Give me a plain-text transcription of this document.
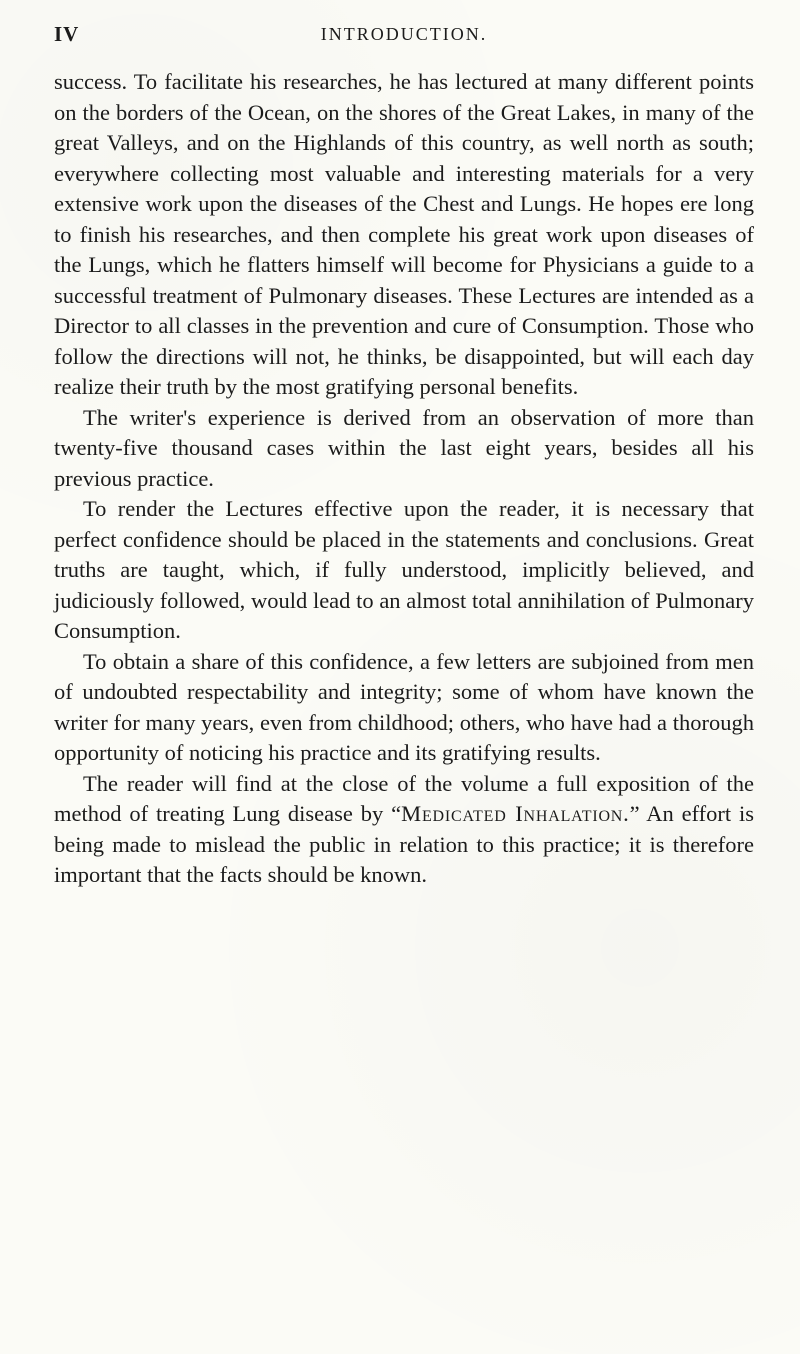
IV	INTRODUCTION.

success. To facilitate his researches, he has lectured at many different points on the borders of the Ocean, on the shores of the Great Lakes, in many of the great Valleys, and on the Highlands of this country, as well north as south; everywhere collecting most valuable and interesting materials for a very extensive work upon the diseases of the Chest and Lungs. He hopes ere long to finish his researches, and then complete his great work upon diseases of the Lungs, which he flatters himself will become for Physicians a guide to a successful treatment of Pulmonary diseases. These Lectures are intended as a Director to all classes in the prevention and cure of Consumption. Those who follow the directions will not, he thinks, be disappointed, but will each day realize their truth by the most gratifying personal benefits.

The writer's experience is derived from an observation of more than twenty-five thousand cases within the last eight years, besides all his previous practice.

To render the Lectures effective upon the reader, it is necessary that perfect confidence should be placed in the statements and conclusions. Great truths are taught, which, if fully understood, implicitly believed, and judiciously followed, would lead to an almost total annihilation of Pulmonary Consumption.

To obtain a share of this confidence, a few letters are subjoined from men of undoubted respectability and integrity; some of whom have known the writer for many years, even from childhood; others, who have had a thorough opportunity of noticing his practice and its gratifying results.

The reader will find at the close of the volume a full exposition of the method of treating Lung disease by “Medicated Inhalation.” An effort is being made to mislead the public in relation to this practice; it is therefore important that the facts should be known.
